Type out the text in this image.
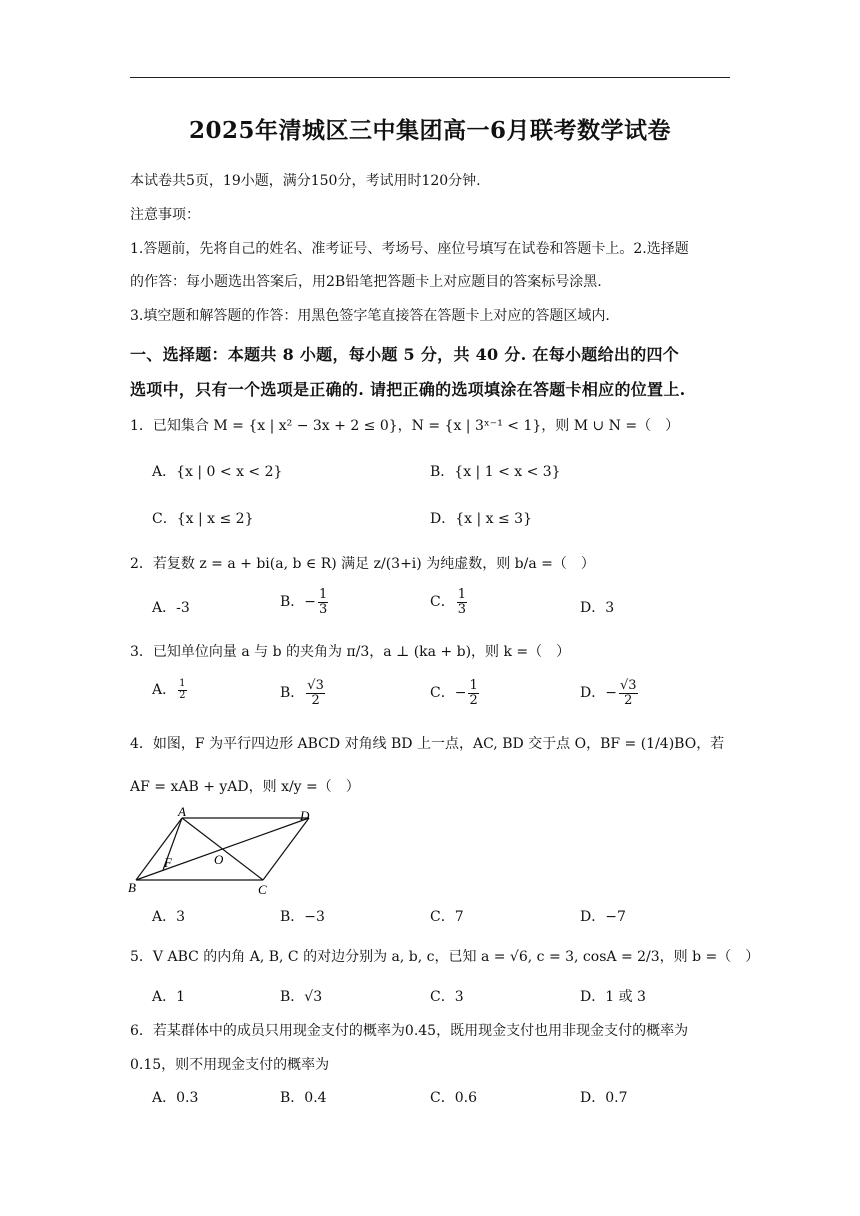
2025年清城区三中集团高一6月联考数学试卷
本试卷共5页，19小题，满分150分，考试用时120分钟.
注意事项：
1.答题前，先将自己的姓名、准考证号、考场号、座位号填写在试卷和答题卡上。2.选择题
的作答：每小题选出答案后，用2B铅笔把答题卡上对应题目的答案标号涂黑.
3.填空题和解答题的作答：用黑色签字笔直接答在答题卡上对应的答题区域内.
一、选择题：本题共 8 小题，每小题 5 分，共 40 分. 在每小题给出的四个
选项中，只有一个选项是正确的. 请把正确的选项填涂在答题卡相应的位置上.
1．已知集合 M = {x | x² − 3x + 2 ≤ 0}，N = {x | 3ˣ⁻¹ < 1}，则 M ∪ N =（　）
A．{x | 0 < x < 2}	B．{x | 1 < x < 3}
C．{x | x ≤ 2}	D．{x | x ≤ 3}
2．若复数 z = a + bi(a, b ∈ R) 满足 z/(3+i) 为纯虚数，则 b/a =（　）
A．-3	B．− $\frac{1}{3}$	C． $\frac{1}{3}$	D．3
3．已知单位向量 a 与 b 的夹角为 π/3，a ⊥ (ka + b)，则 k =（　）
A． $\frac{1}{2}$	B． $\frac{√3}{2}$	C．− $\frac{1}{2}$	D．− $\frac{√3}{2}$
4．如图，F 为平行四边形 ABCD 对角线 BD 上一点，AC, BD 交于点 O，BF = (1/4)BO，若
AF = xAB + yAD，则 x/y =（　）
A
B	C
D
O
F
A．3	B．−3	C．7	D．−7
5．V ABC 的内角 A, B, C 的对边分别为 a, b, c，已知 a = √6, c = 3, cosA = 2/3，则 b =（　）
A．1	B．√3	C．3	D．1 或 3
6．若某群体中的成员只用现金支付的概率为0.45，既用现金支付也用非现金支付的概率为
0.15，则不用现金支付的概率为
A．0.3	B．0.4	C．0.6	D．0.7
